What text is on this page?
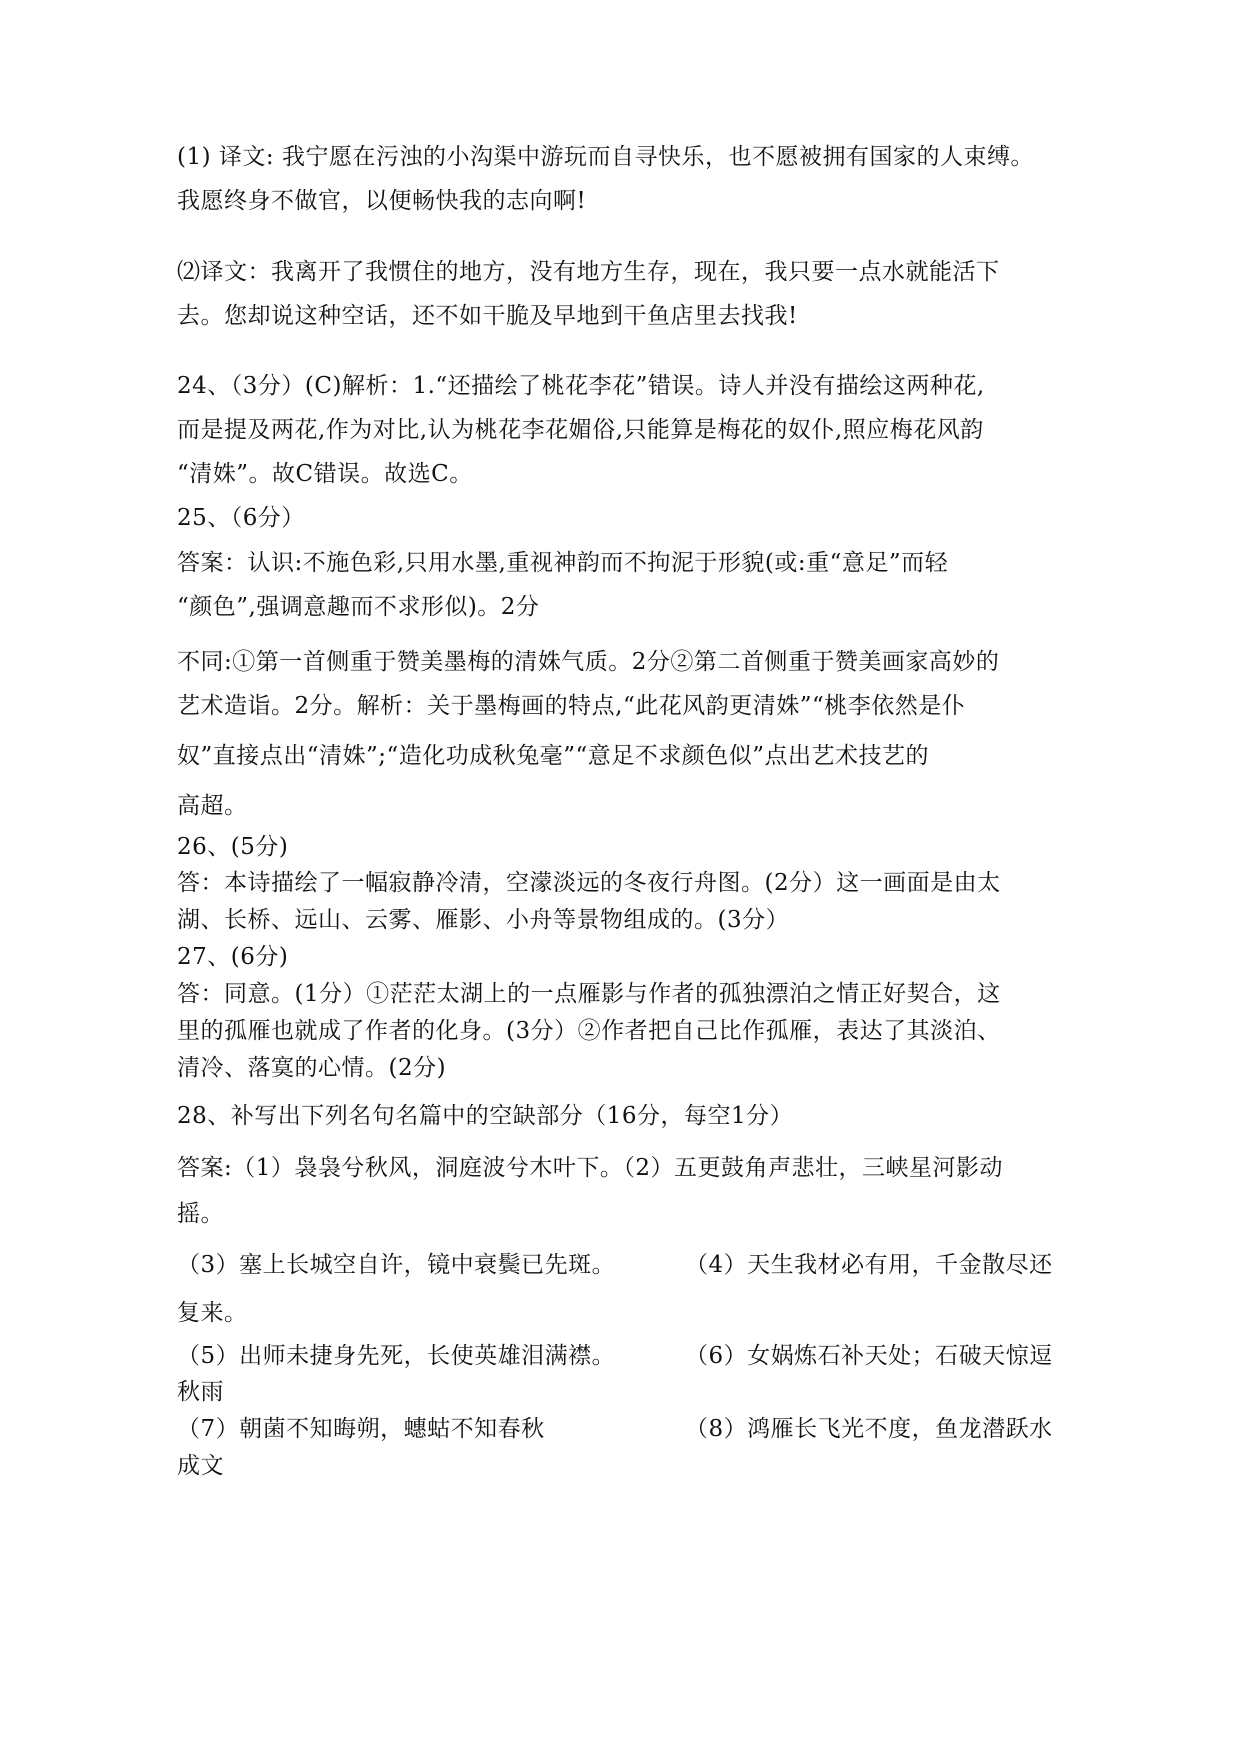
(1) 译文: 我宁愿在污浊的小沟渠中游玩而自寻快乐，也不愿被拥有国家的人束缚。
我愿终身不做官，以便畅快我的志向啊!
⑵译文：我离开了我惯住的地方，没有地方生存，现在，我只要一点水就能活下
去。您却说这种空话，还不如干脆及早地到干鱼店里去找我!
24、（3分）(C)解析：1.“还描绘了桃花李花”错误。诗人并没有描绘这两种花,
而是提及两花,作为对比,认为桃花李花媚俗,只能算是梅花的奴仆,照应梅花风韵
“清姝”。故C错误。故选C。
25、（6分）
答案：认识:不施色彩,只用水墨,重视神韵而不拘泥于形貌(或:重“意足”而轻
“颜色”,强调意趣而不求形似)。2分
不同:①第一首侧重于赞美墨梅的清姝气质。2分②第二首侧重于赞美画家高妙的
艺术造诣。2分。解析：关于墨梅画的特点,“此花风韵更清姝”“桃李依然是仆
奴”直接点出“清姝”;“造化功成秋兔毫”“意足不求颜色似”点出艺术技艺的
高超。
26、(5分)
答：本诗描绘了一幅寂静冷清，空濛淡远的冬夜行舟图。(2分）这一画面是由太
湖、长桥、远山、云雾、雁影、小舟等景物组成的。(3分）
27、(6分)
答：同意。(1分）①茫茫太湖上的一点雁影与作者的孤独漂泊之情正好契合，这
里的孤雁也就成了作者的化身。(3分）②作者把自己比作孤雁，表达了其淡泊、
清冷、落寞的心情。(2分)
28、补写出下列名句名篇中的空缺部分（16分，每空1分）
答案:（1）袅袅兮秋风，洞庭波兮木叶下。（2）五更鼓角声悲壮，三峡星河影动
摇。
（3）塞上长城空自许，镜中衰鬓已先斑。	（4）天生我材必有用，千金散尽还
复来。
（5）出师未捷身先死，长使英雄泪满襟。	（6）女娲炼石补天处；石破天惊逗
秋雨
（7）朝菌不知晦朔，蟪蛄不知春秋	（8）鸿雁长飞光不度，鱼龙潜跃水
成文
